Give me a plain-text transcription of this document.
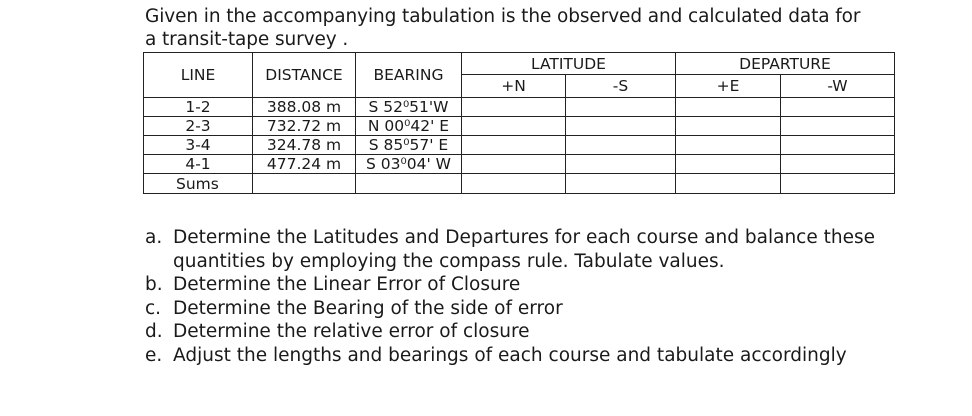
Given in the accompanying tabulation is the observed and calculated data for
a transit-tape survey .
LINE	DISTANCE	BEARING	LATITUDE		DEPARTURE	
			+N	-S	+E	-W
1-2	388.08 m	S 52⁰51'W				
2-3	732.72 m	N 00⁰42' E				
3-4	324.78 m	S 85⁰57' E				
4-1	477.24 m	S 03⁰04' W				
Sums						
a. Determine the Latitudes and Departures for each course and balance these quantities by employing the compass rule. Tabulate values.
b. Determine the Linear Error of Closure
c. Determine the Bearing of the side of error
d. Determine the relative error of closure
e. Adjust the lengths and bearings of each course and tabulate accordingly
